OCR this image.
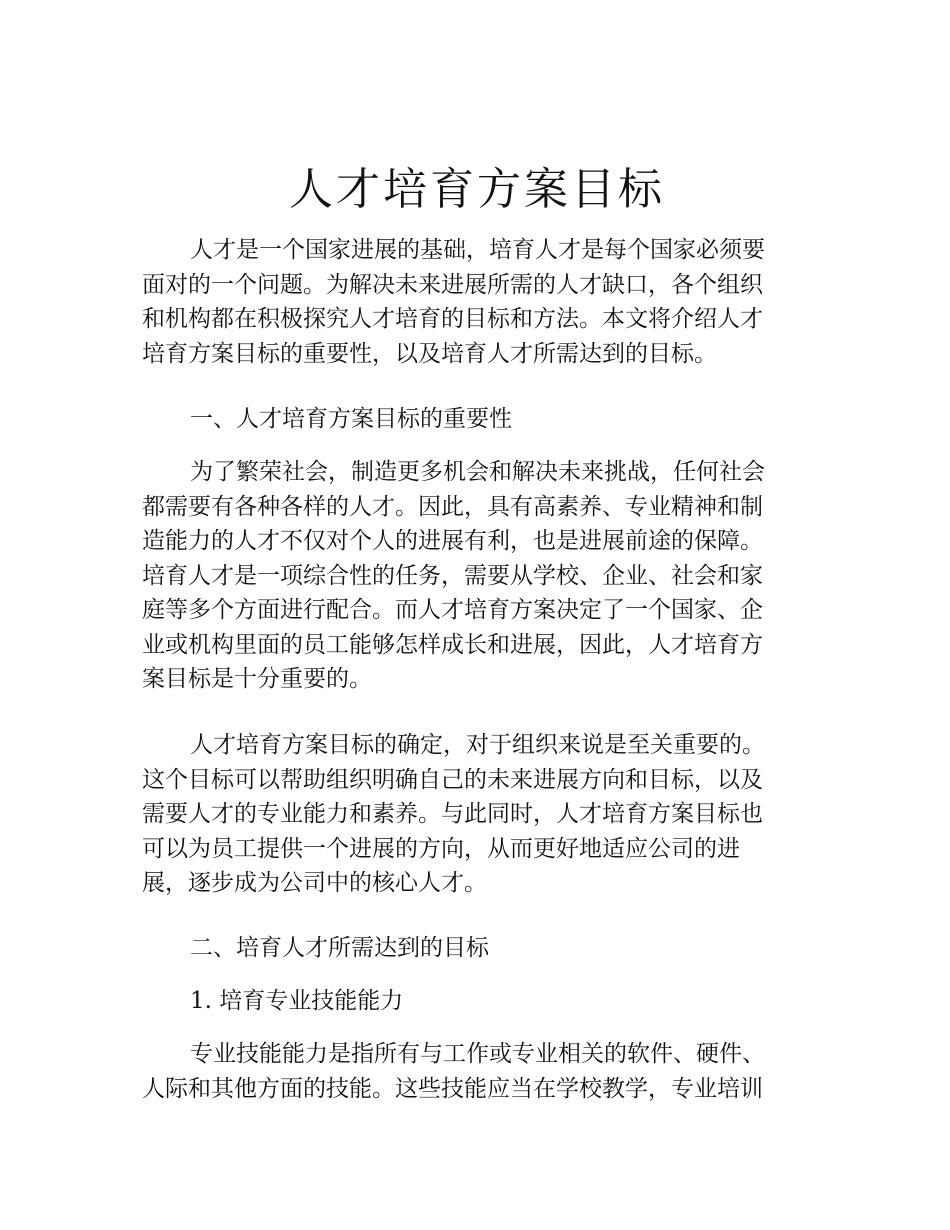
人才培育方案目标

人才是一个国家进展的基础，培育人才是每个国家必须要
面对的一个问题。为解决未来进展所需的人才缺口，各个组织
和机构都在积极探究人才培育的目标和方法。本文将介绍人才
培育方案目标的重要性，以及培育人才所需达到的目标。

一、人才培育方案目标的重要性

为了繁荣社会，制造更多机会和解决未来挑战，任何社会
都需要有各种各样的人才。因此，具有高素养、专业精神和制
造能力的人才不仅对个人的进展有利，也是进展前途的保障。
培育人才是一项综合性的任务，需要从学校、企业、社会和家
庭等多个方面进行配合。而人才培育方案决定了一个国家、企
业或机构里面的员工能够怎样成长和进展，因此，人才培育方
案目标是十分重要的。

人才培育方案目标的确定，对于组织来说是至关重要的。
这个目标可以帮助组织明确自己的未来进展方向和目标，以及
需要人才的专业能力和素养。与此同时，人才培育方案目标也
可以为员工提供一个进展的方向，从而更好地适应公司的进
展，逐步成为公司中的核心人才。

二、培育人才所需达到的目标

1. 培育专业技能能力

专业技能能力是指所有与工作或专业相关的软件、硬件、
人际和其他方面的技能。这些技能应当在学校教学，专业培训
